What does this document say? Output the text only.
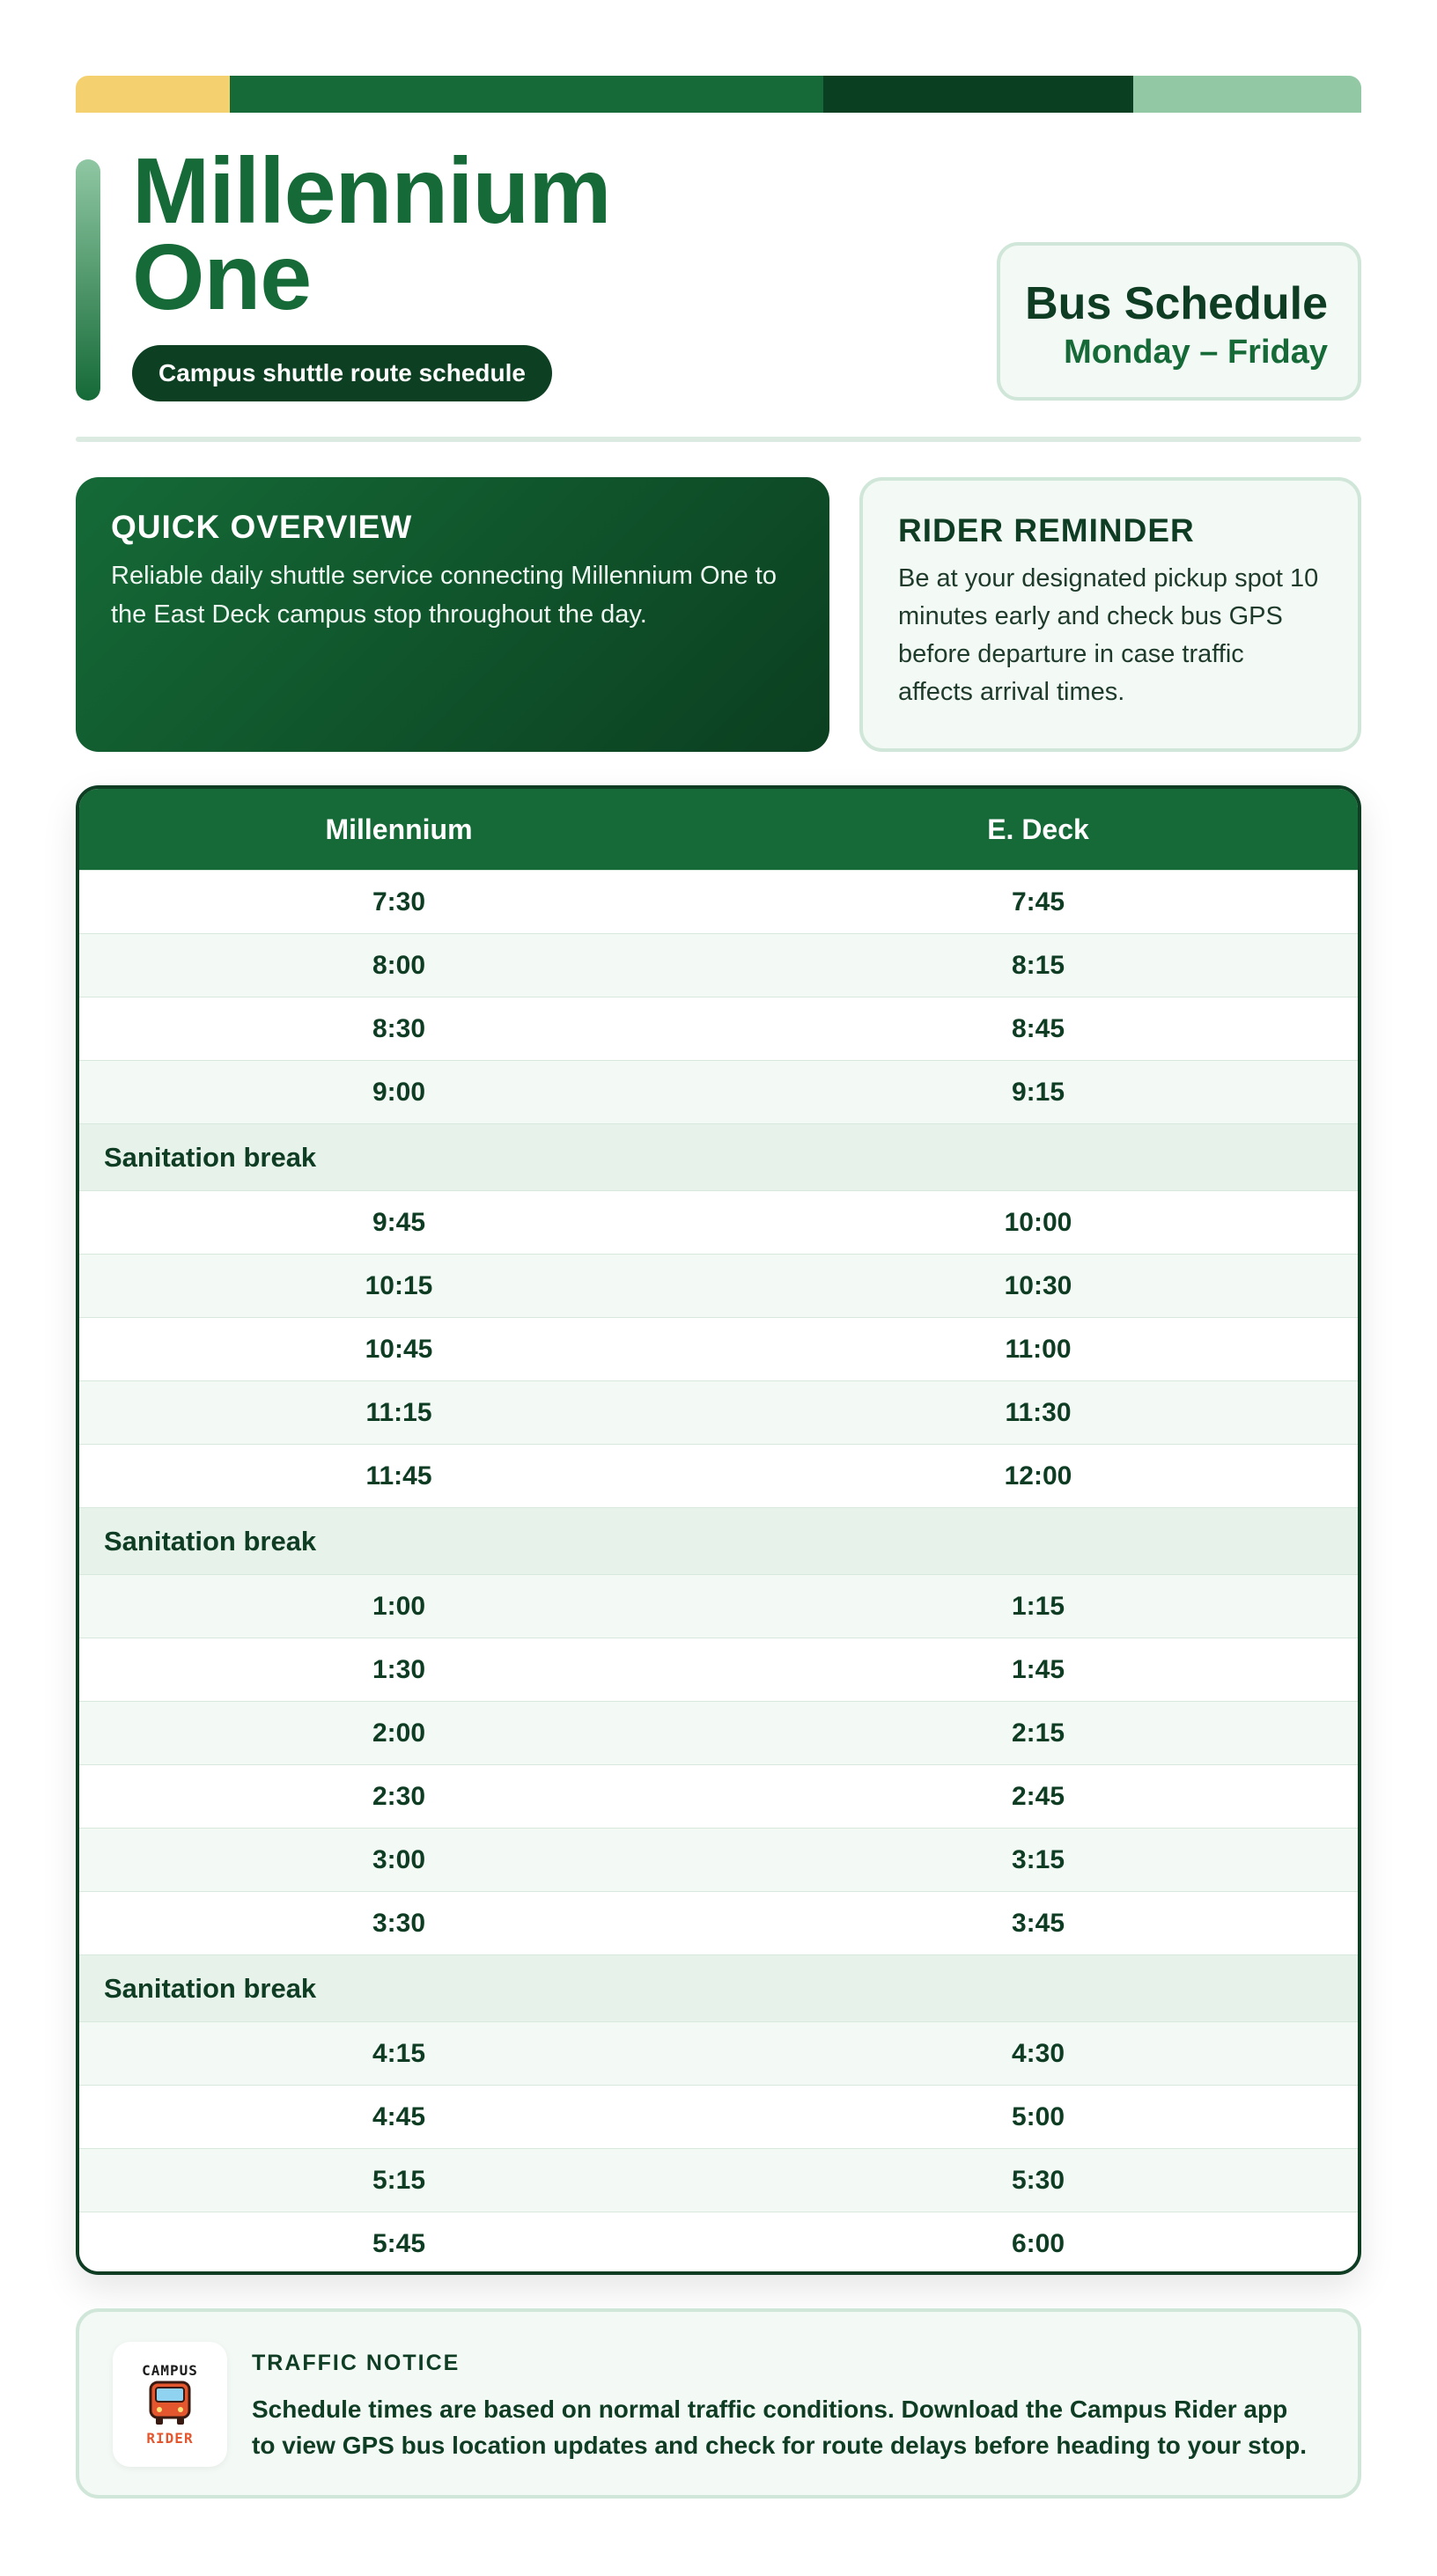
Millennium
One
Campus shuttle route schedule
Bus Schedule
Monday – Friday
QUICK OVERVIEW
Reliable daily shuttle service connecting Millennium One to the East Deck campus stop throughout the day.
RIDER REMINDER
Be at your designated pickup spot 10 minutes early and check bus GPS before departure in case traffic affects arrival times.
Millennium	E. Deck
7:30	7:45
8:00	8:15
8:30	8:45
9:00	9:15
Sanitation break
9:45	10:00
10:15	10:30
10:45	11:00
11:15	11:30
11:45	12:00
Sanitation break
1:00	1:15
1:30	1:45
2:00	2:15
2:30	2:45
3:00	3:15
3:30	3:45
Sanitation break
4:15	4:30
4:45	5:00
5:15	5:30
5:45	6:00
CAMPUS
RIDER
TRAFFIC NOTICE
Schedule times are based on normal traffic conditions. Download the Campus Rider app to view GPS bus location updates and check for route delays before heading to your stop.
